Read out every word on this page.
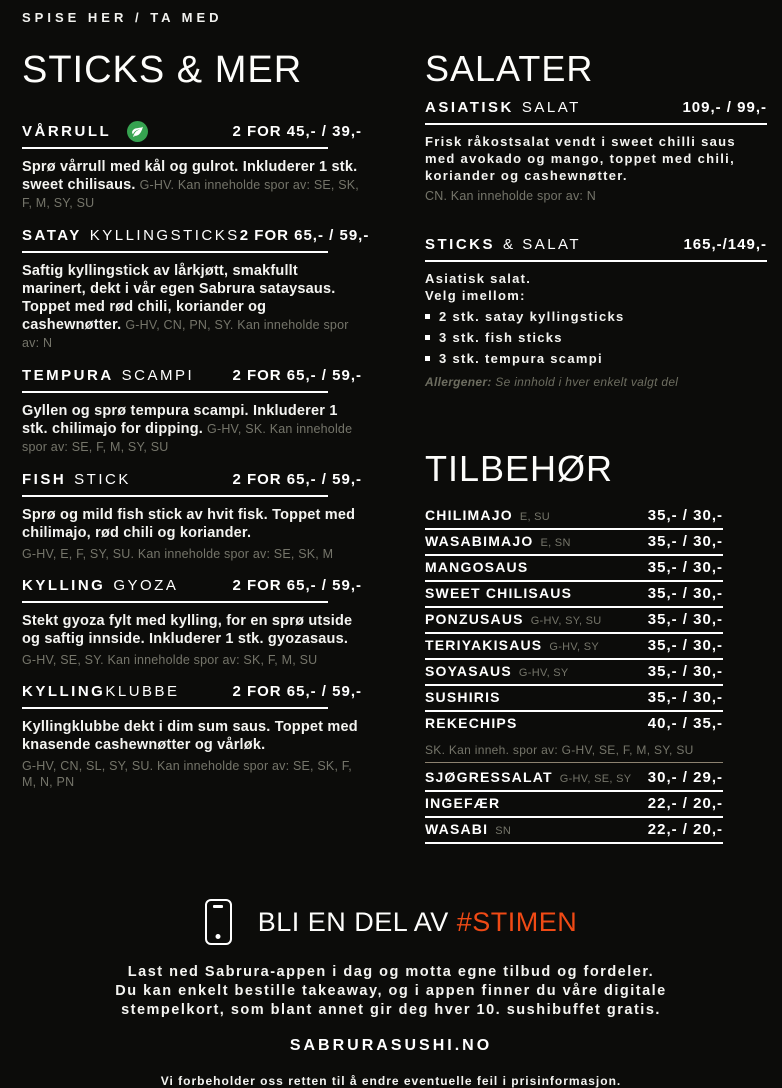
SPISE HER / TA MED
STICKS & MER
VÅRRULL	2 FOR 45,- / 39,-

Sprø vårrull med kål og gulrot. Inkluderer 1 stk. sweet chilisaus. G-HV. Kan inneholde spor av: SE, SK, F, M, SY, SU

SATAY KYLLINGSTICKS 2 FOR 65,- / 59,-

Saftig kyllingstick av lårkjøtt, smakfullt marinert, dekt i vår egen Sabrura sataysaus. Toppet med rød chili, koriander og cashewnøtter. G-HV, CN, PN, SY. Kan inneholde spor av: N

TEMPURA SCAMPI	2 FOR 65,- / 59,-

Gyllen og sprø tempura scampi. Inkluderer 1 stk. chilimajo for dipping. G-HV, SK. Kan inneholde spor av: SE, F, M, SY, SU

FISH STICK	2 FOR 65,- / 59,-

Sprø og mild fish stick av hvit fisk. Toppet med chilimajo, rød chili og koriander.
G-HV, E, F, SY, SU. Kan inneholde spor av: SE, SK, M

KYLLING GYOZA	2 FOR 65,- / 59,-

Stekt gyoza fylt med kylling, for en sprø utside og saftig innside. Inkluderer 1 stk. gyozasaus.
G-HV, SE, SY. Kan inneholde spor av: SK, F, M, SU

KYLLING KLUBBE	2 FOR 65,- / 59,-

Kyllingklubbe dekt i dim sum saus. Toppet med knasende cashewnøtter og vårløk.
G-HV, CN, SL, SY, SU. Kan inneholde spor av: SE, SK, F, M, N, PN

SALATER
ASIATISK SALAT	109,- / 99,-

Frisk råkostsalat vendt i sweet chilli saus med avokado og mango, toppet med chili, koriander og cashewnøtter.

CN. Kan inneholde spor av: N

STICKS & SALAT	165,-/149,-
Asiatisk salat.
Velg imellom:
2 stk. satay kyllingsticks
3 stk. fish sticks
3 stk. tempura scampi

Allergener: Se innhold i hver enkelt valgt del

TILBEHØR
CHILIMAJO E, SU	35,- / 30,-
WASABIMAJO E, SN	35,- / 30,-
MANGOSAUS	35,- / 30,-
SWEET CHILISAUS	35,- / 30,-
PONZUSAUS G-HV, SY, SU	35,- / 30,-
TERIYAKISAUS G-HV, SY	35,- / 30,-
SOYASAUS G-HV, SY	35,- / 30,-
SUSHIRIS	35,- / 30,-
REKECHIPS	40,- / 35,-
SK. Kan inneh. spor av: G-HV, SE, F, M, SY, SU
SJØGRESSALAT G-HV, SE, SY 30,- / 29,-
INGEFÆR	22,- / 20,-
WASABI SN	22,- / 20,-
BLI EN DEL AV #STIMEN
Last ned Sabrura-appen i dag og motta egne tilbud og fordeler.
Du kan enkelt bestille takeaway, og i appen finner du våre digitale
stempelkort, som blant annet gir deg hver 10. sushibuffet gratis.
SABRURASUSHI.NO
Vi forbeholder oss retten til å endre eventuelle feil i prisinformasjon.
